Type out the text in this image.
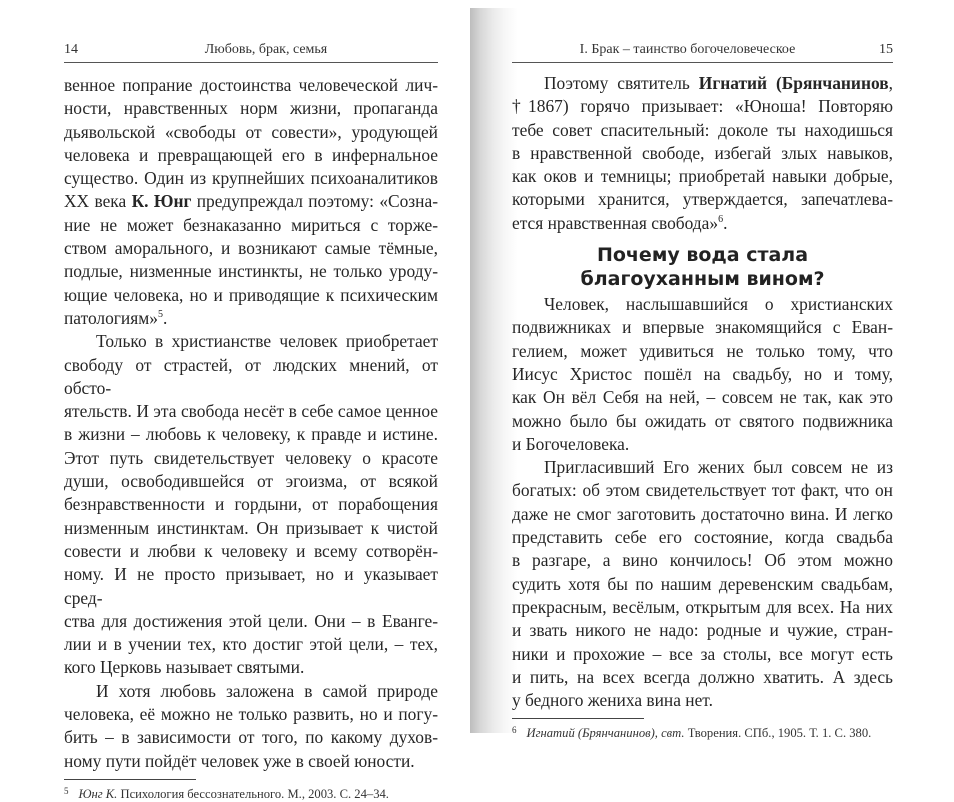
14	Любовь, брак, семья
венное попрание достоинства человеческой лич-
ности, нравственных норм жизни, пропаганда
дьявольской «свободы от совести», уродующей
человека и превращающей его в инфернальное
существо. Один из крупнейших психоаналитиков
XX века К. Юнг предупреждал поэтому: «Созна-
ние не может безнаказанно мириться с торже-
ством аморального, и возникают самые тёмные,
подлые, низменные инстинкты, не только уроду-
ющие человека, но и приводящие к психическим
патологиям»$^5$.
Только в христианстве человек приобретает
свободу от страстей, от людских мнений, от обсто-
ятельств. И эта свобода несёт в себе самое ценное
в жизни – любовь к человеку, к правде и истине.
Этот путь свидетельствует человеку о красоте
души, освободившейся от эгоизма, от всякой
безнравственности и гордыни, от порабощения
низменным инстинктам. Он призывает к чистой
совести и любви к человеку и всему сотворён-
ному. И не просто призывает, но и указывает сред-
ства для достижения этой цели. Они – в Еванге-
лии и в учении тех, кто достиг этой цели, – тех,
кого Церковь называет святыми.
И хотя любовь заложена в самой природе
человека, её можно не только развить, но и погу-
бить – в зависимости от того, по какому духов-
ному пути пойдёт человек уже в своей юности.
$^5$ Юнг К. Психология бессознательного. М., 2003. С. 24–34.
I. Брак – таинство богочеловеческое	15
Поэтому святитель Игнатий (Брянчанинов,
†1867) горячо призывает: «Юноша! Повторяю
тебе совет спасительный: доколе ты находишься
в нравственной свободе, избегай злых навыков,
как оков и темницы; приобретай навыки добрые,
которыми хранится, утверждается, запечатлева-
ется нравственная свобода»$^6$.
Почему вода стала
благоуханным вином?
Человек, наслышавшийся о христианских
подвижниках и впервые знакомящийся с Еван-
гелием, может удивиться не только тому, что
Иисус Христос пошёл на свадьбу, но и тому,
как Он вёл Себя на ней, – совсем не так, как это
можно было бы ожидать от святого подвижника
и Богочеловека.
Пригласивший Его жених был совсем не из
богатых: об этом свидетельствует тот факт, что он
даже не смог заготовить достаточно вина. И легко
представить себе его состояние, когда свадьба
в разгаре, а вино кончилось! Об этом можно
судить хотя бы по нашим деревенским свадьбам,
прекрасным, весёлым, открытым для всех. На них
и звать никого не надо: родные и чужие, стран-
ники и прохожие – все за столы, все могут есть
и пить, на всех всегда должно хватить. А здесь
у бедного жениха вина нет.
$^6$ Игнатий (Брянчанинов), свт. Творения. СПб., 1905. Т. 1. С. 380.
